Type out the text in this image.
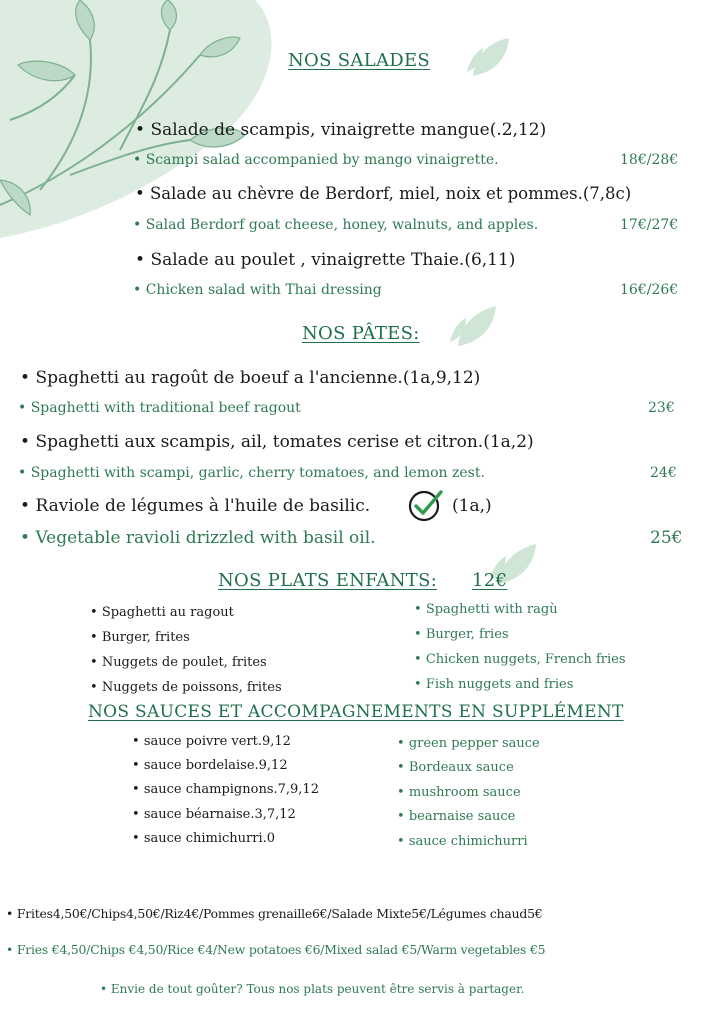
NOS SALADES
• Salade de scampis, vinaigrette mangue(.2,12)
• Scampi salad accompanied by mango vinaigrette.	18€/28€
• Salade au chèvre de Berdorf, miel, noix et pommes.(7,8c)
• Salad Berdorf goat cheese, honey, walnuts, and apples.	17€/27€
• Salade au poulet , vinaigrette Thaie.(6,11)
• Chicken salad with Thai dressing	16€/26€
NOS PÂTES:
• Spaghetti au ragoût de boeuf a l'ancienne.(1a,9,12)
• Spaghetti with traditional beef ragout	23€
• Spaghetti aux scampis, ail, tomates cerise et citron.(1a,2)
• Spaghetti with scampi, garlic, cherry tomatoes, and lemon zest.	24€
• Raviole de légumes à l'huile de basilic.	(1a,)
• Vegetable ravioli drizzled with basil oil.	25€
NOS PLATS ENFANTS: 12€
• Spaghetti au ragout
• Burger, frites
• Nuggets de poulet, frites
• Nuggets de poissons, frites
• Spaghetti with ragù
• Burger, fries
• Chicken nuggets, French fries
• Fish nuggets and fries
NOS SAUCES ET ACCOMPAGNEMENTS EN SUPPLÉMENT
• sauce poivre vert.9,12
• sauce bordelaise.9,12
• sauce champignons.7,9,12
• sauce béarnaise.3,7,12
• sauce chimichurri.0
• green pepper sauce
• Bordeaux sauce
• mushroom sauce
• bearnaise sauce
• sauce chimichurri
• Frites4,50€/Chips4,50€/Riz4€/Pommes grenaille6€/Salade Mixte5€/Légumes chaud5€
• Fries €4,50/Chips €4,50/Rice €4/New potatoes €6/Mixed salad €5/Warm vegetables €5
• Envie de tout goûter? Tous nos plats peuvent être servis à partager.
